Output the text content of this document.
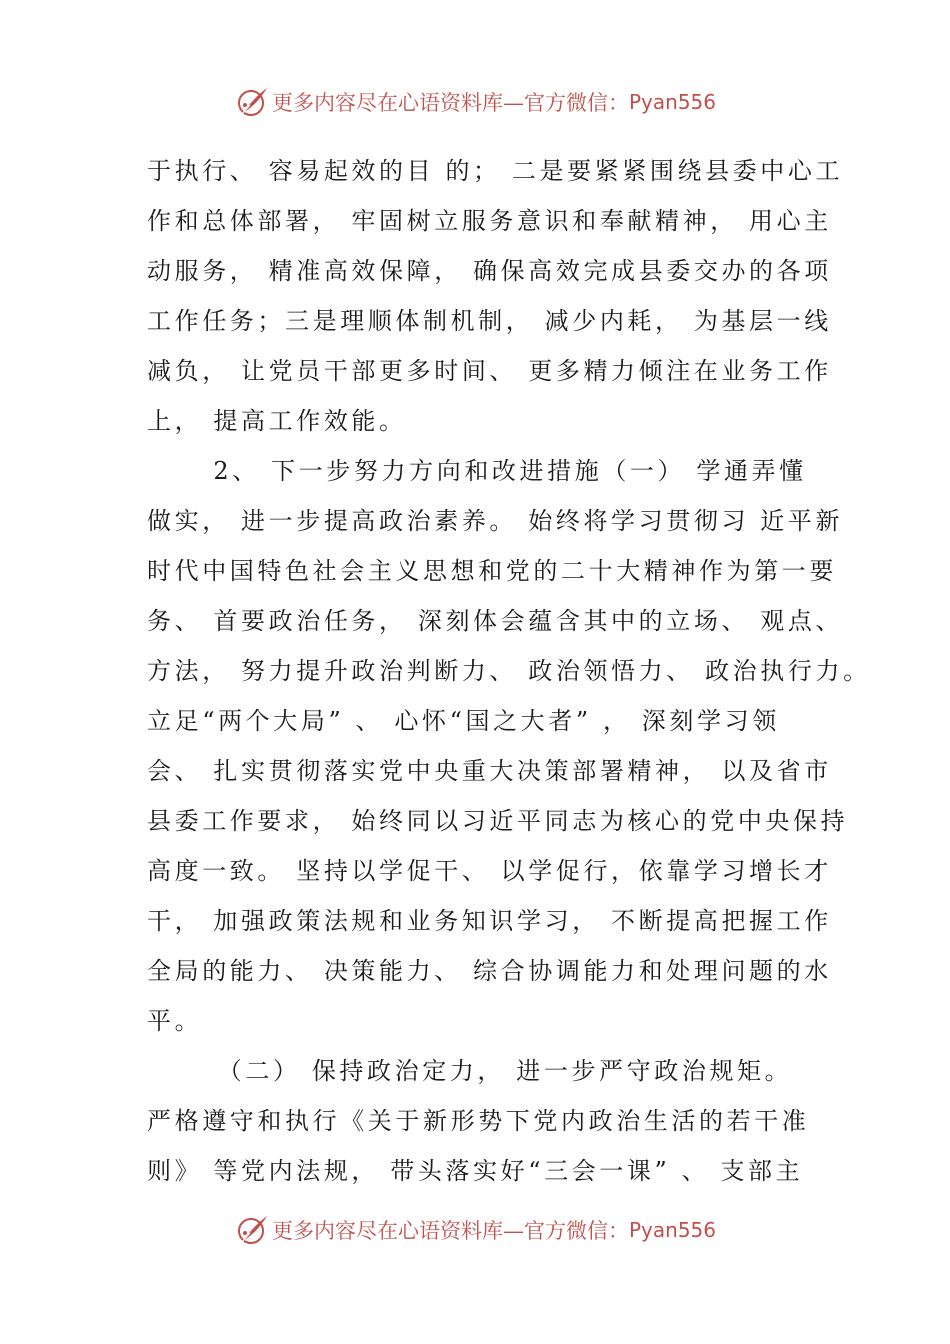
更多内容尽在心语资料库—官方微信： Pyan556
于执行、 容易起效的目 的； 二是要紧紧围绕县委中心工
作和总体部署， 牢固树立服务意识和奉献精神， 用心主
动服务， 精准高效保障， 确保高效完成县委交办的各项
工作任务；三是理顺体制机制， 减少内耗， 为基层一线
减负， 让党员干部更多时间、 更多精力倾注在业务工作
上， 提高工作效能。
　　 2、 下一步努力方向和改进措施（一） 学通弄懂
做实， 进一步提高政治素养。 始终将学习贯彻习 近平新
时代中国特色社会主义思想和党的二十大精神作为第一要
务、 首要政治任务， 深刻体会蕴含其中的立场、 观点、
方法， 努力提升政治判断力、 政治领悟力、 政治执行力。
立足“两个大局” 、 心怀“国之大者” ， 深刻学习领
会、 扎实贯彻落实党中央重大决策部署精神， 以及省市
县委工作要求， 始终同以习近平同志为核心的党中央保持
高度一致。 坚持以学促干、 以学促行，依靠学习增长才
干， 加强政策法规和业务知识学习， 不断提高把握工作
全局的能力、 决策能力、 综合协调能力和处理问题的水
平。
　　　（二） 保持政治定力， 进一步严守政治规矩。
严格遵守和执行《关于新形势下党内政治生活的若干准
则》 等党内法规， 带头落实好“三会一课” 、 支部主
更多内容尽在心语资料库—官方微信： Pyan556
